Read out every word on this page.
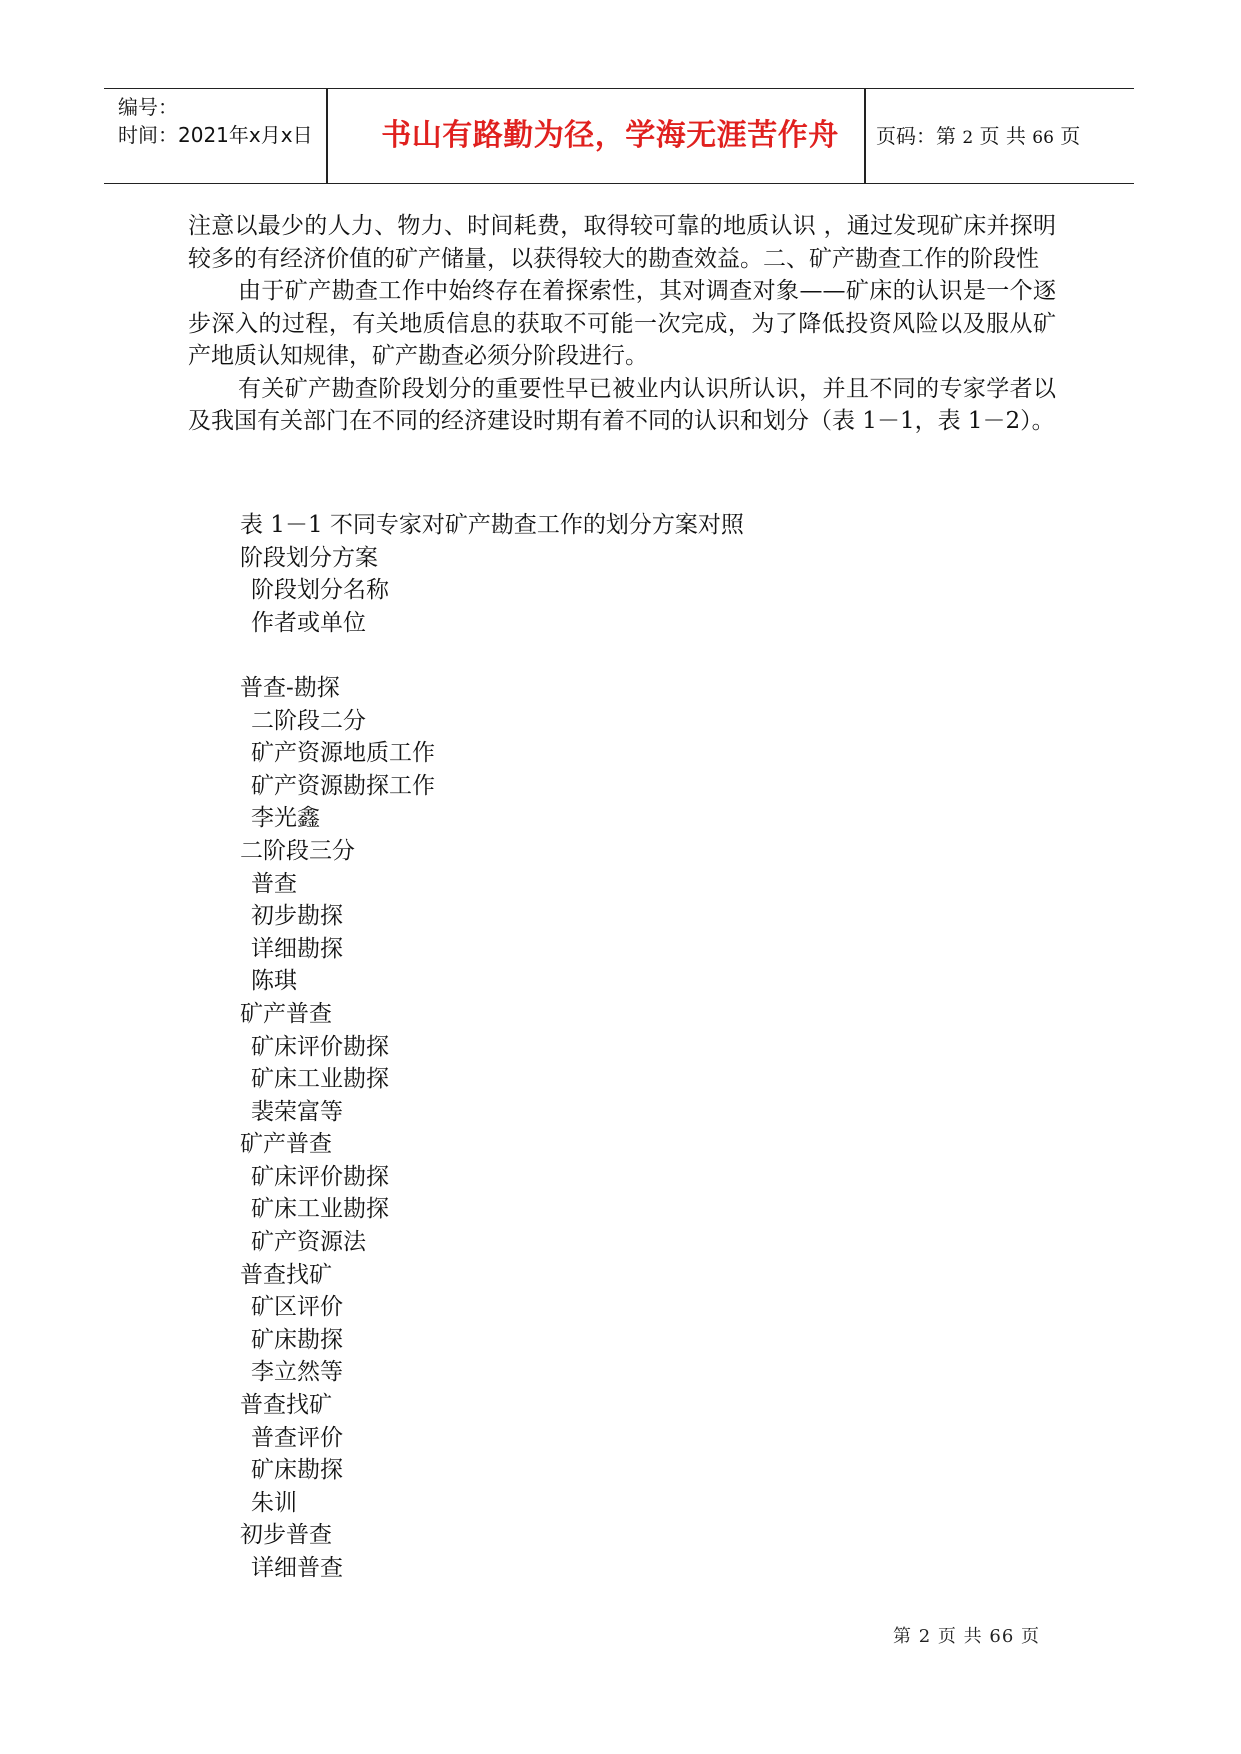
编号：
时间：2021年x月x日	书山有路勤为径，学海无涯苦作舟	页码：第 2 页 共 66 页

注意以最少的人力、物力、时间耗费，取得较可靠的地质认识 ，通过发现矿床并探明较多的有经济价值的矿产储量，以获得较大的勘查效益。二、矿产勘查工作的阶段性

由于矿产勘查工作中始终存在着探索性，其对调查对象——矿床的认识是一个逐步深入的过程，有关地质信息的获取不可能一次完成，为了降低投资风险以及服从矿产地质认知规律，矿产勘查必须分阶段进行。

有关矿产勘查阶段划分的重要性早已被业内认识所认识，并且不同的专家学者以及我国有关部门在不同的经济建设时期有着不同的认识和划分（表 1－1，表 1－2）。

表 1－1 不同专家对矿产勘查工作的划分方案对照
阶段划分方案
阶段划分名称
作者或单位
普查-勘探
二阶段二分
矿产资源地质工作
矿产资源勘探工作
李光鑫
二阶段三分
普查
初步勘探
详细勘探
陈琪
矿产普查
矿床评价勘探
矿床工业勘探
裴荣富等
矿产普查
矿床评价勘探
矿床工业勘探
矿产资源法
普查找矿
矿区评价
矿床勘探
李立然等
普查找矿
普查评价
矿床勘探
朱训
初步普查
详细普查
第 2 页 共 66 页
